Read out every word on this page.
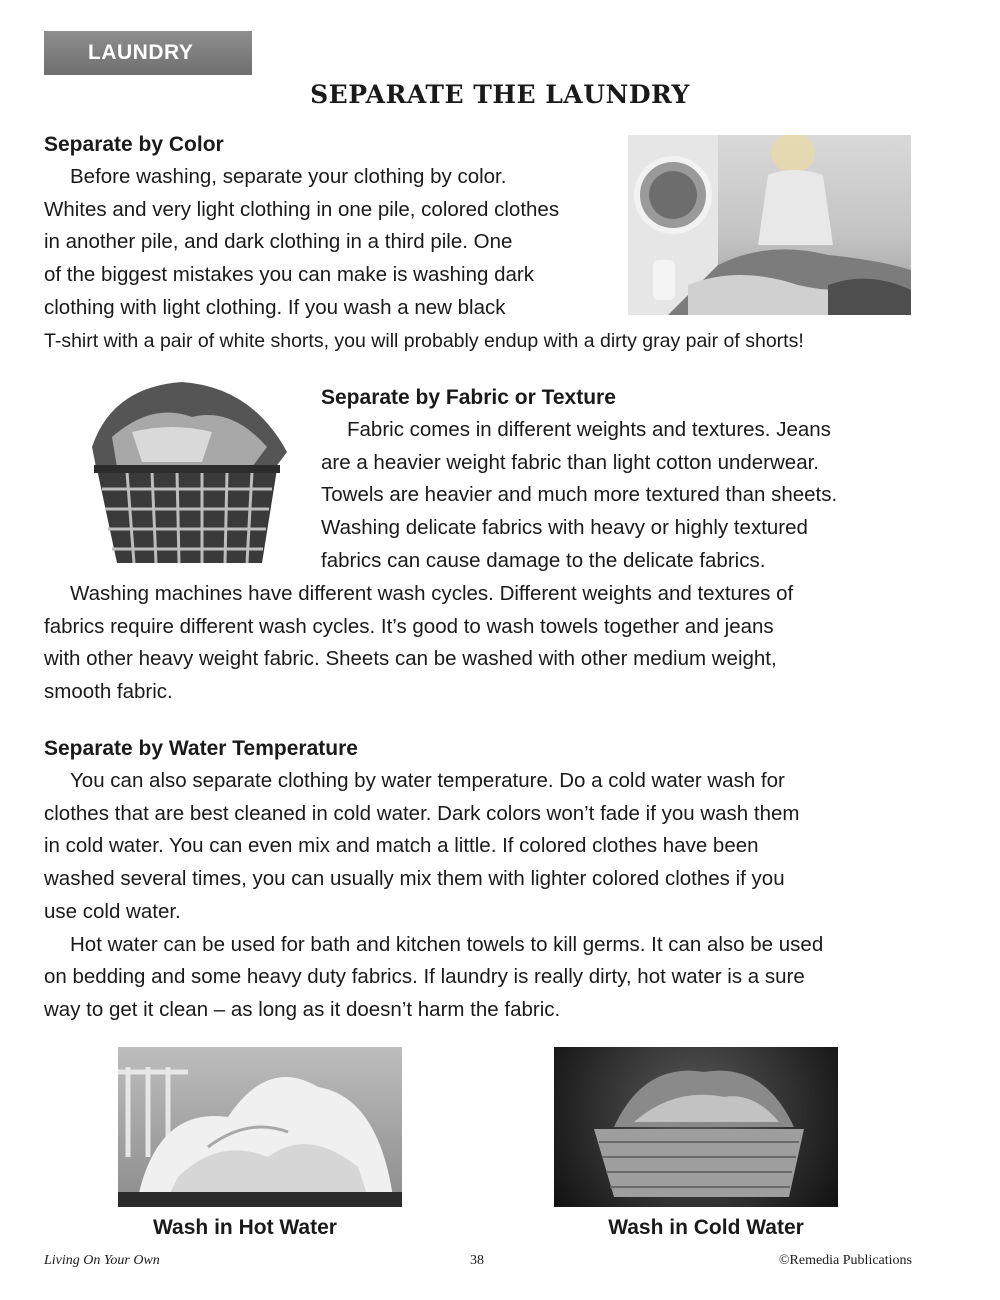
LAUNDRY
SEPARATE THE LAUNDRY
Separate by Color
Before washing, separate your clothing by color.
Whites and very light clothing in one pile, colored clothes
in another pile, and dark clothing in a third pile. One
of the biggest mistakes you can make is washing dark
clothing with light clothing. If you wash a new black
T-shirt with a pair of white shorts, you will probably endup with a dirty gray pair of shorts!
Separate by Fabric or Texture
Fabric comes in different weights and textures. Jeans
are a heavier weight fabric than light cotton underwear.
Towels are heavier and much more textured than sheets.
Washing delicate fabrics with heavy or highly textured
fabrics can cause damage to the delicate fabrics.
Washing machines have different wash cycles. Different weights and textures of
fabrics require different wash cycles. It’s good to wash towels together and jeans
with other heavy weight fabric. Sheets can be washed with other medium weight,
smooth fabric.
Separate by Water Temperature
You can also separate clothing by water temperature. Do a cold water wash for
clothes that are best cleaned in cold water. Dark colors won’t fade if you wash them
in cold water. You can even mix and match a little. If colored clothes have been
washed several times, you can usually mix them with lighter colored clothes if you
use cold water.
Hot water can be used for bath and kitchen towels to kill germs. It can also be used
on bedding and some heavy duty fabrics. If laundry is really dirty, hot water is a sure
way to get it clean – as long as it doesn’t harm the fabric.
Wash in Hot Water	Wash in Cold Water
Living On Your Own	38	©Remedia Publications
